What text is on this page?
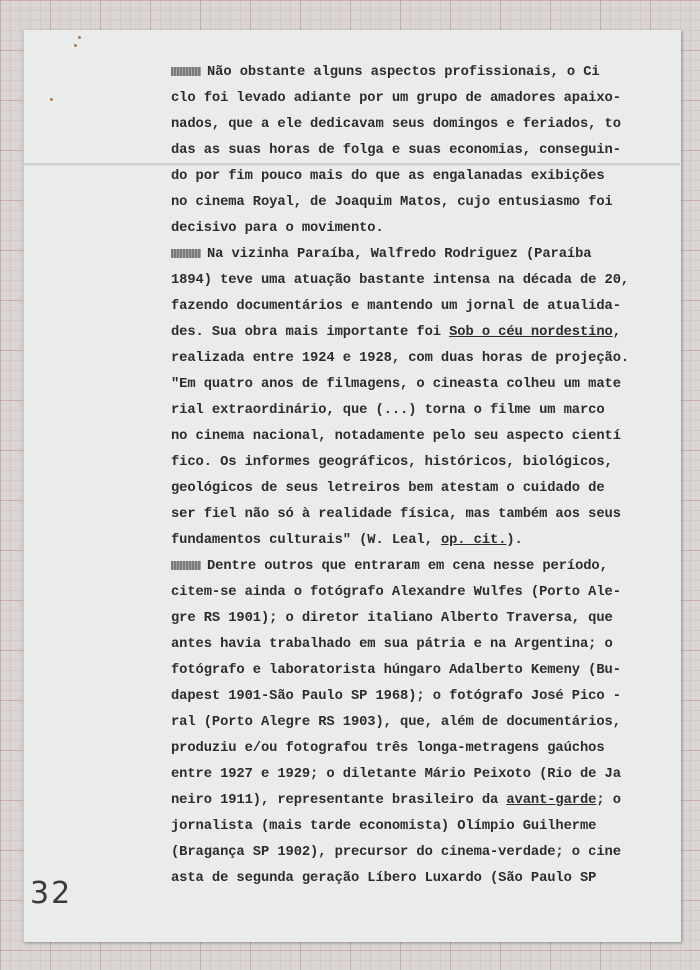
Não obstante alguns aspectos profissionais, o Ci
clo foi levado adiante por um grupo de amadores apaixo-
nados, que a ele dedicavam seus domingos e feriados, to
das as suas horas de folga e suas economias, conseguin-
do por fim pouco mais do que as engalanadas exibições
no cinema Royal, de Joaquim Matos, cujo entusiasmo foi
decisivo para o movimento.
Na vizinha Paraíba, Walfredo Rodriguez (Paraíba
1894) teve uma atuação bastante intensa na década de 20,
fazendo documentários e mantendo um jornal de atualida-
des. Sua obra mais importante foi Sob o céu nordestino,
realizada entre 1924 e 1928, com duas horas de projeção.
"Em quatro anos de filmagens, o cineasta colheu um mate
rial extraordinário, que (...) torna o filme um marco
no cinema nacional, notadamente pelo seu aspecto cientí
fico. Os informes geográficos, históricos, biológicos,
geológicos de seus letreiros bem atestam o cuidado de
ser fiel não só à realidade física, mas também aos seus
fundamentos culturais" (W. Leal, op. cit.).
Dentre outros que entraram em cena nesse período,
citem-se ainda o fotógrafo Alexandre Wulfes (Porto Ale-
gre RS 1901); o diretor italiano Alberto Traversa, que
antes havia trabalhado em sua pátria e na Argentina; o
fotógrafo e laboratorista húngaro Adalberto Kemeny (Bu-
dapest 1901-São Paulo SP 1968); o fotógrafo José Pico -
ral (Porto Alegre RS 1903), que, além de documentários,
produziu e/ou fotografou três longa-metragens gaúchos
entre 1927 e 1929; o diletante Mário Peixoto (Rio de Ja
neiro 1911), representante brasileiro da avant-garde; o
jornalista (mais tarde economista) Olímpio Guilherme
(Bragança SP 1902), precursor do cinema-verdade; o cine
asta de segunda geração Líbero Luxardo (São Paulo SP
32
